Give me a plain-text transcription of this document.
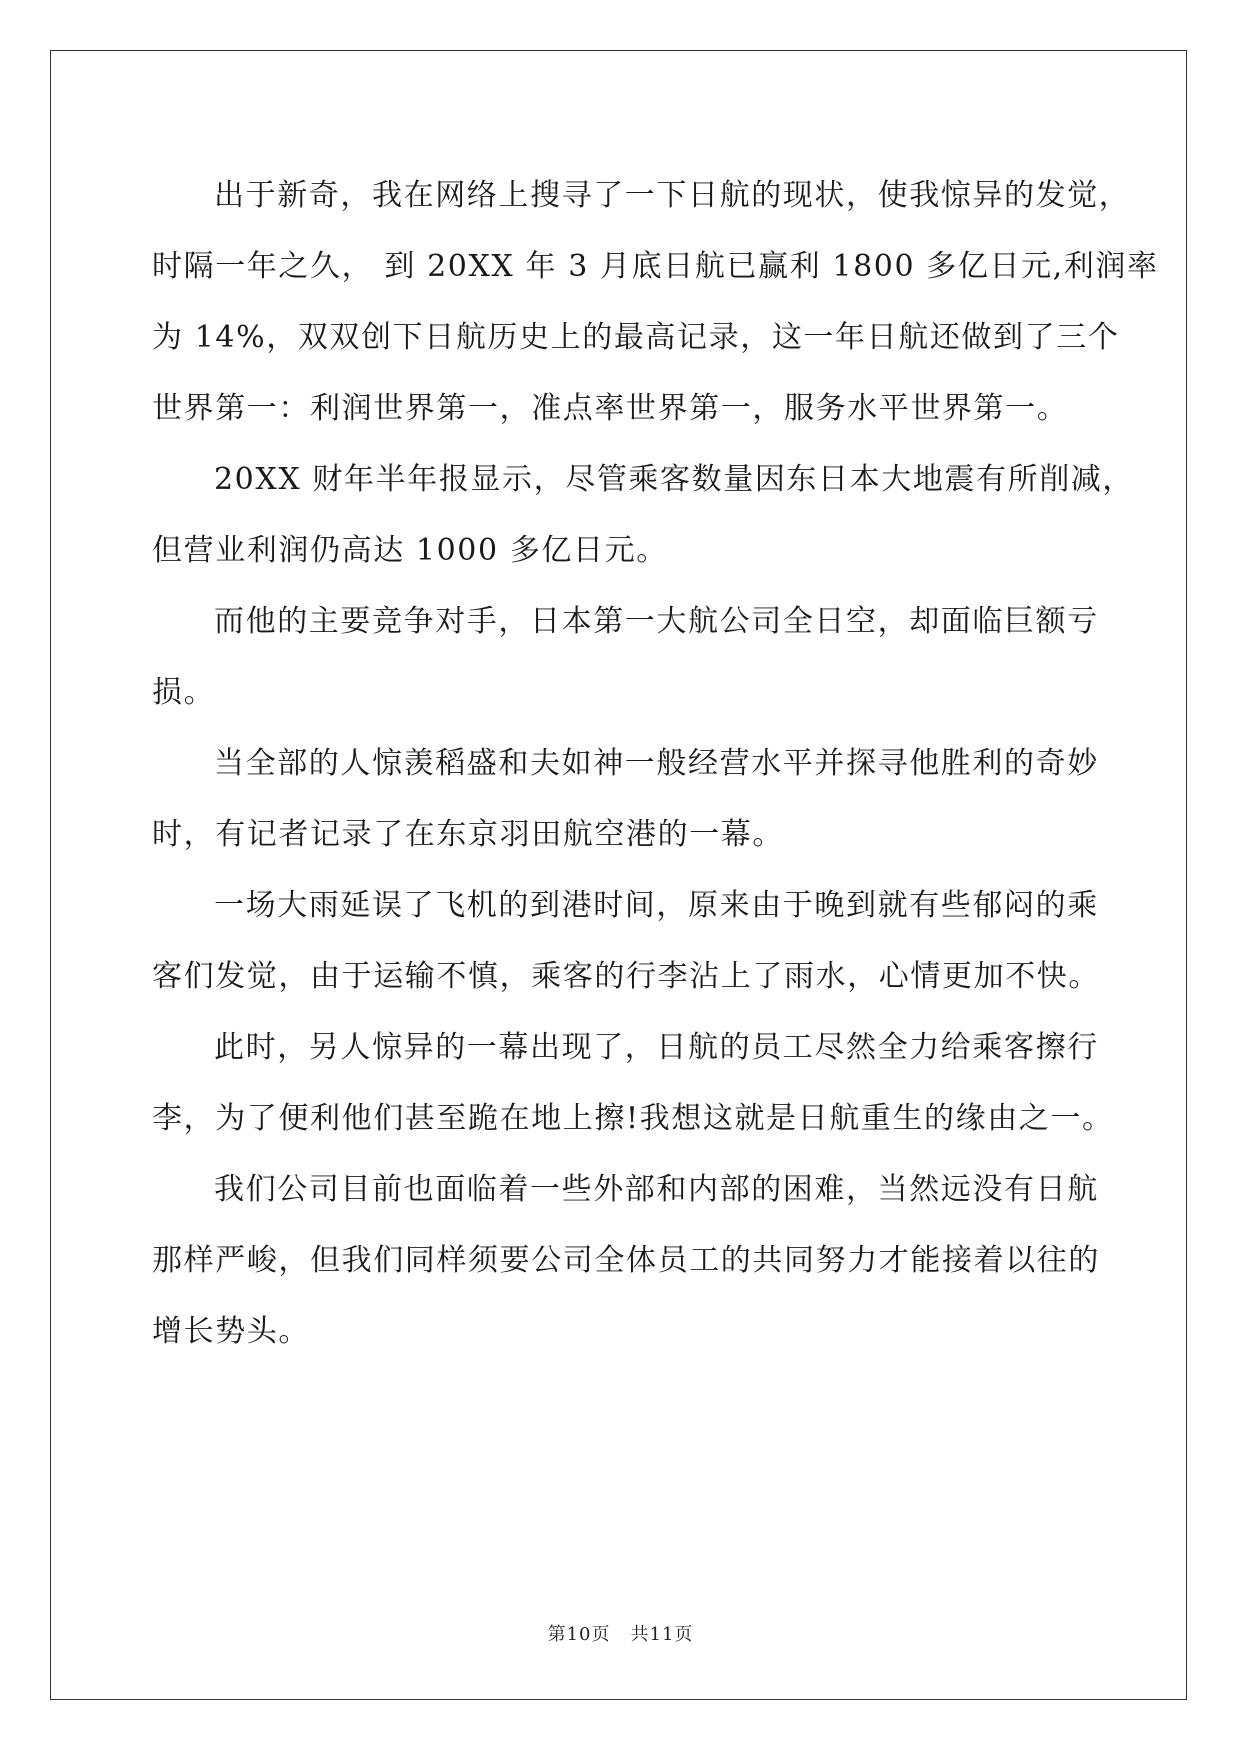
出于新奇，我在网络上搜寻了一下日航的现状，使我惊异的发觉，
时隔一年之久， 到 20XX 年 3 月底日航已赢利 1800 多亿日元,利润率
为 14%，双双创下日航历史上的最高记录，这一年日航还做到了三个
世界第一：利润世界第一，准点率世界第一，服务水平世界第一。
20XX 财年半年报显示，尽管乘客数量因东日本大地震有所削减，
但营业利润仍高达 1000 多亿日元。
而他的主要竞争对手，日本第一大航公司全日空，却面临巨额亏
损。
当全部的人惊羡稻盛和夫如神一般经营水平并探寻他胜利的奇妙
时，有记者记录了在东京羽田航空港的一幕。
一场大雨延误了飞机的到港时间，原来由于晚到就有些郁闷的乘
客们发觉，由于运输不慎，乘客的行李沾上了雨水，心情更加不快。
此时，另人惊异的一幕出现了，日航的员工尽然全力给乘客擦行
李，为了便利他们甚至跪在地上擦!我想这就是日航重生的缘由之一。
我们公司目前也面临着一些外部和内部的困难，当然远没有日航
那样严峻，但我们同样须要公司全体员工的共同努力才能接着以往的
增长势头。
第10页 共11页
